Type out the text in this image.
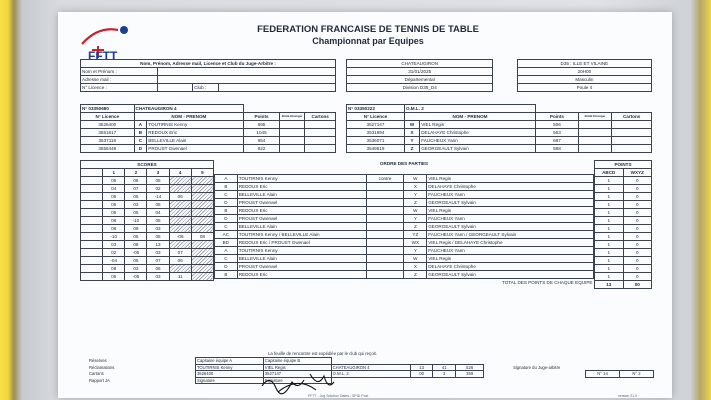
FFTT
FEDERATION FRANCAISE DE TENNIS DE TABLE
Championnat par Equipes
Nom, Prénom, Adresse mail, Licence et Club du Juge-Arbitre :			
Nom et Prénom :			
Adresse mail :			
N° Licence :		Club :	
CHATEAUGIRON		D35 : ILLE ET VILAINE
31/01/2025		20H00
Départemental		Masculin
Division D35_D4		Poule 4
N° 03350680	CHATEAUGIRON 4				
N° Licence	NOM - PRENOM		Points	Brûlé Etranger	Cartons
3526400	A	TOUTIRNIS Kenny	695		
3551817	B	REDOUX Eric	1045		
3537118	C	BELLEVILLE Alain	654		
3556449	D	PROUST Gwenael	822		
N° 03350222	O.M.L. 2				
N° Licence	NOM - PRENOM		Points	Brûlé Etranger	Cartons
3527147	W	VIEL Regis	506		
3531994	X	DELAHAYE Christophe	563		
3536071	Y	FAUCHEUX Yann	687		
3549519	Z	GEORGEAULT Sylvain	588		
SCORES					
	1	2	3	4	5
	05	06	05		
	04	07	02		
	05	05	-14	06	
	05	03	05		
	05	05	04		
	06	-10	05		
	06	09	03		
	-10	05	05	-06	08
	03	08	13		
	02	-05	03	07	
	-04	05	07	06	
	08	03	06		
	05	-05	03	11	
ORDRE DES PARTIES				

A	TOUTIRNIS Kenny	contre	W	VIEL Regis
B	REDOUX Eric		X	DELAHAYE Christophe
C	BELLEVILLE Alain		Y	FAUCHEUX Yann
D	PROUST Gwenael		Z	GEORGEAULT Sylvain
B	REDOUX Eric		W	VIEL Regis
D	PROUST Gwenael		Y	FAUCHEUX Yann
C	BELLEVILLE Alain		Z	GEORGEAULT Sylvain
AC	TOUTIRNIS Kenny / BELLEVILLE Alain		YZ	FAUCHEUX Yann / GEORGEAULT Sylvain
BD	REDOUX Eric / PROUST Gwenael		WX	VIEL Regis / DELAHAYE Christophe
A	TOUTIRNIS Kenny		Y	FAUCHEUX Yann
C	BELLEVILLE Alain		W	VIEL Regis
D	PROUST Gwenael		X	DELAHAYE Christophe
B	REDOUX Eric		Z	GEORGEAULT Sylvain
TOTAL DES POINTS DE CHAQUE EQUIPE				
POINTS	
ABCD	WXYZ
1	0
1	0
1	0
1	0
1	0
1	0
1	0
1	0
1	0
1	0
1	0
1	0
1	0
13	00
La feuille de rencontre est expédiée par le club qui reçoit.
Réserves		Capitaine équipe A	Capitaine équipe B								
Réclamations		TOUTIRNIS Kenny	VIEL Regis	CHATEAUGIRON 4	13	41	526		Signature du Juge-arbitre		
Cartons		3526400	3527147	O.M.L. 2	00	3	359			N° 14	N° 2
Rapport JA		Signature	Signature								
FFTT - Jug Solution Dates - SPID Post	version 21.0
